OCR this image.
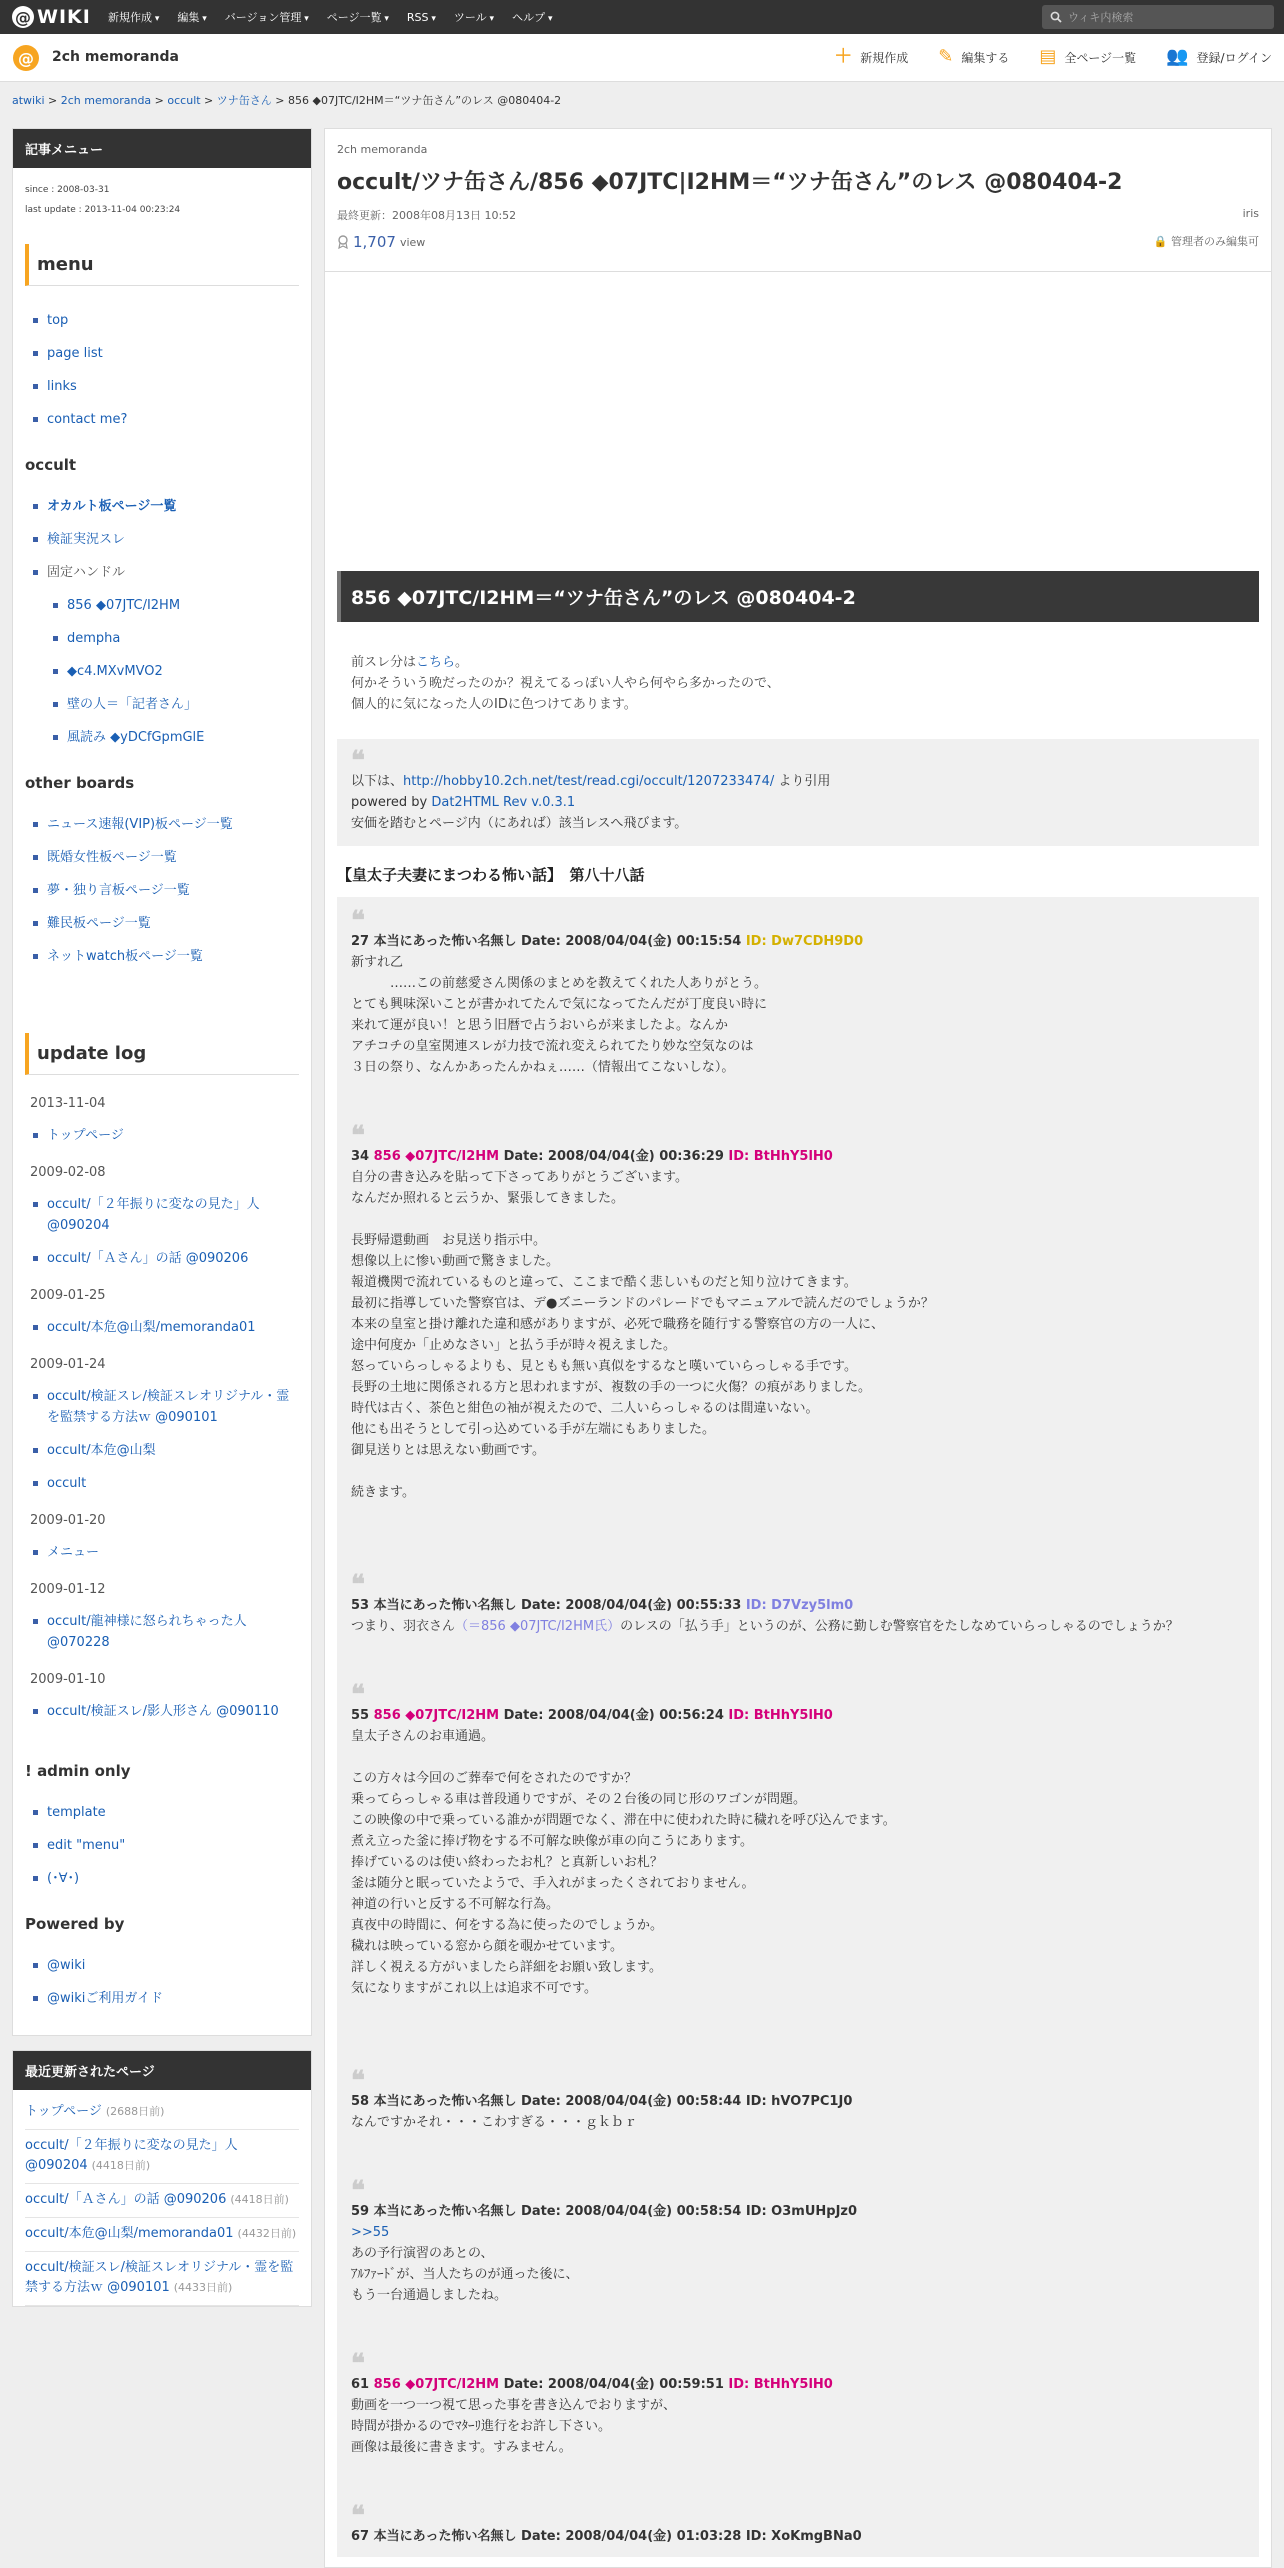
@ WIKI 新規作成 ▾	編集 ▾	バージョン管理 ▾	ページ一覧 ▾	RSS ▾	ツール ▾	ヘルプ ▾
ウィキ内検索
@	2ch memoranda	＋ 新規作成 ✎ 編集する ▤ 全ページ一覧 👥 登録/ログイン
atwiki > 2ch memoranda > occult > ツナ缶さん > 856 ◆07JTC/I2HM＝“ツナ缶さん”のレス @080404-2
記事メニュー
since : 2008-03-31
last update : 2013-11-04 00:23:24
menu
top
page list
links
contact me?
occult
オカルト板ページ一覧
検証実況スレ
固定ハンドル
856 ◆07JTC/I2HM
dempha
◆c4.MXvMVO2
壁の人＝「記者さん」
風読み ◆yDCfGpmGlE
other boards
ニュース速報(VIP)板ページ一覧
既婚女性板ページ一覧
夢・独り言板ページ一覧
難民板ページ一覧
ネットwatch板ページ一覧
update log
2013-11-04
トップページ
2009-02-08
occult/「２年振りに変なの見た」人 @090204
occult/「Ａさん」の話 @090206
2009-01-25
occult/本危@山梨/memoranda01
2009-01-24
occult/検証スレ/検証スレオリジナル・霊を監禁する方法ｗ @090101
occult/本危@山梨
occult
2009-01-20
メニュー
2009-01-12
occult/龍神様に怒られちゃった人 @070228
2009-01-10
occult/検証スレ/影人形さん @090110
! admin only
template
edit "menu"
(･∀･)
Powered by
@wiki
@wikiご利用ガイド
最近更新されたページ
トップページ (2688日前)
occult/「２年振りに変なの見た」人 @090204 (4418日前)
occult/「Ａさん」の話 @090206 (4418日前)
occult/本危@山梨/memoranda01 (4432日前)
occult/検証スレ/検証スレオリジナル・霊を監禁する方法ｗ @090101 (4433日前)
2ch memoranda
occult/ツナ缶さん/856 ◆07JTC|I2HM＝“ツナ缶さん”のレス @080404-2
最終更新：2008年08月13日 10:52	iris
1,707 view	🔒 管理者のみ編集可
856 ◆07JTC/I2HM＝“ツナ缶さん”のレス @080404-2
前スレ分はこちら。
何かそういう晩だったのか？視えてるっぽい人やら何やら多かったので、
個人的に気になった人のIDに色つけてあります。
❝
以下は、http://hobby10.2ch.net/test/read.cgi/occult/1207233474/ より引用
powered by Dat2HTML Rev v.0.3.1
安価を踏むとページ内（にあれば）該当レスへ飛びます。
【皇太子夫妻にまつわる怖い話】　第八十八話
❝
27 本当にあった怖い名無し Date: 2008/04/04(金) 00:15:54 ID: Dw7CDH9D0
新すれ乙
　　　……この前慈愛さん関係のまとめを教えてくれた人ありがとう。
とても興味深いことが書かれてたんで気になってたんだが丁度良い時に
来れて運が良い！と思う旧暦で占うおいらが来ましたよ。なんか
アチコチの皇室関連スレが力技で流れ変えられてたり妙な空気なのは
３日の祭り、なんかあったんかねぇ……（情報出てこないしな）。
❝
34 856 ◆07JTC/I2HM Date: 2008/04/04(金) 00:36:29 ID: BtHhY5lH0
自分の書き込みを貼って下さってありがとうございます。
なんだか照れると云うか、緊張してきました。

長野帰還動画　お見送り指示中。
想像以上に惨い動画で驚きました。
報道機関で流れているものと違って、ここまで酷く悲しいものだと知り泣けてきます。
最初に指導していた警察官は、デ●ズニーランドのパレードでもマニュアルで読んだのでしょうか？
本来の皇室と掛け離れた違和感がありますが、必死で職務を随行する警察官の方の一人に、
途中何度か「止めなさい」と払う手が時々視えました。
怒っていらっしゃるよりも、見ともも無い真似をするなと嘆いていらっしゃる手です。
長野の土地に関係される方と思われますが、複数の手の一つに火傷？の痕がありました。
時代は古く、茶色と紺色の袖が視えたので、二人いらっしゃるのは間違いない。
他にも出そうとして引っ込めている手が左端にもありました。
御見送りとは思えない動画です。

続きます。
❝
53 本当にあった怖い名無し Date: 2008/04/04(金) 00:55:33 ID: D7Vzy5lm0
つまり、羽衣さん（＝856 ◆07JTC/I2HM氏）のレスの「払う手」というのが、公務に勤しむ警察官をたしなめていらっしゃるのでしょうか？
❝
55 856 ◆07JTC/I2HM Date: 2008/04/04(金) 00:56:24 ID: BtHhY5lH0
皇太子さんのお車通過。

この方々は今回のご葬奉で何をされたのですか？
乗ってらっしゃる車は普段通りですが、その２台後の同じ形のワゴンが問題。
この映像の中で乗っている誰かが問題でなく、滞在中に使われた時に穢れを呼び込んでます。
煮え立った釜に捧げ物をする不可解な映像が車の向こうにあります。
捧げているのは使い終わったお札？と真新しいお札？
釜は随分と眠っていたようで、手入れがまったくされておりません。
神道の行いと反する不可解な行為。
真夜中の時間に、何をする為に使ったのでしょうか。
穢れは映っている窓から顔を覗かせています。
詳しく視える方がいましたら詳細をお願い致します。
気になりますがこれ以上は追求不可です。
❝
58 本当にあった怖い名無し Date: 2008/04/04(金) 00:58:44 ID: hVO7PC1J0
なんですかそれ・・・こわすぎる・・・ｇｋｂｒ
❝
59 本当にあった怖い名無し Date: 2008/04/04(金) 00:58:54 ID: O3mUHpJz0
>>55
あの予行演習のあとの、
ｱﾙﾌｧｰﾄﾞが、当人たちのが通った後に、
もう一台通過しましたね。
❝
61 856 ◆07JTC/I2HM Date: 2008/04/04(金) 00:59:51 ID: BtHhY5lH0
動画を一つ一つ視て思った事を書き込んでおりますが、
時間が掛かるのでﾏﾀｰﾘ進行をお許し下さい。
画像は最後に書きます。すみません。
❝
67 本当にあった怖い名無し Date: 2008/04/04(金) 01:03:28 ID: XoKmgBNa0
